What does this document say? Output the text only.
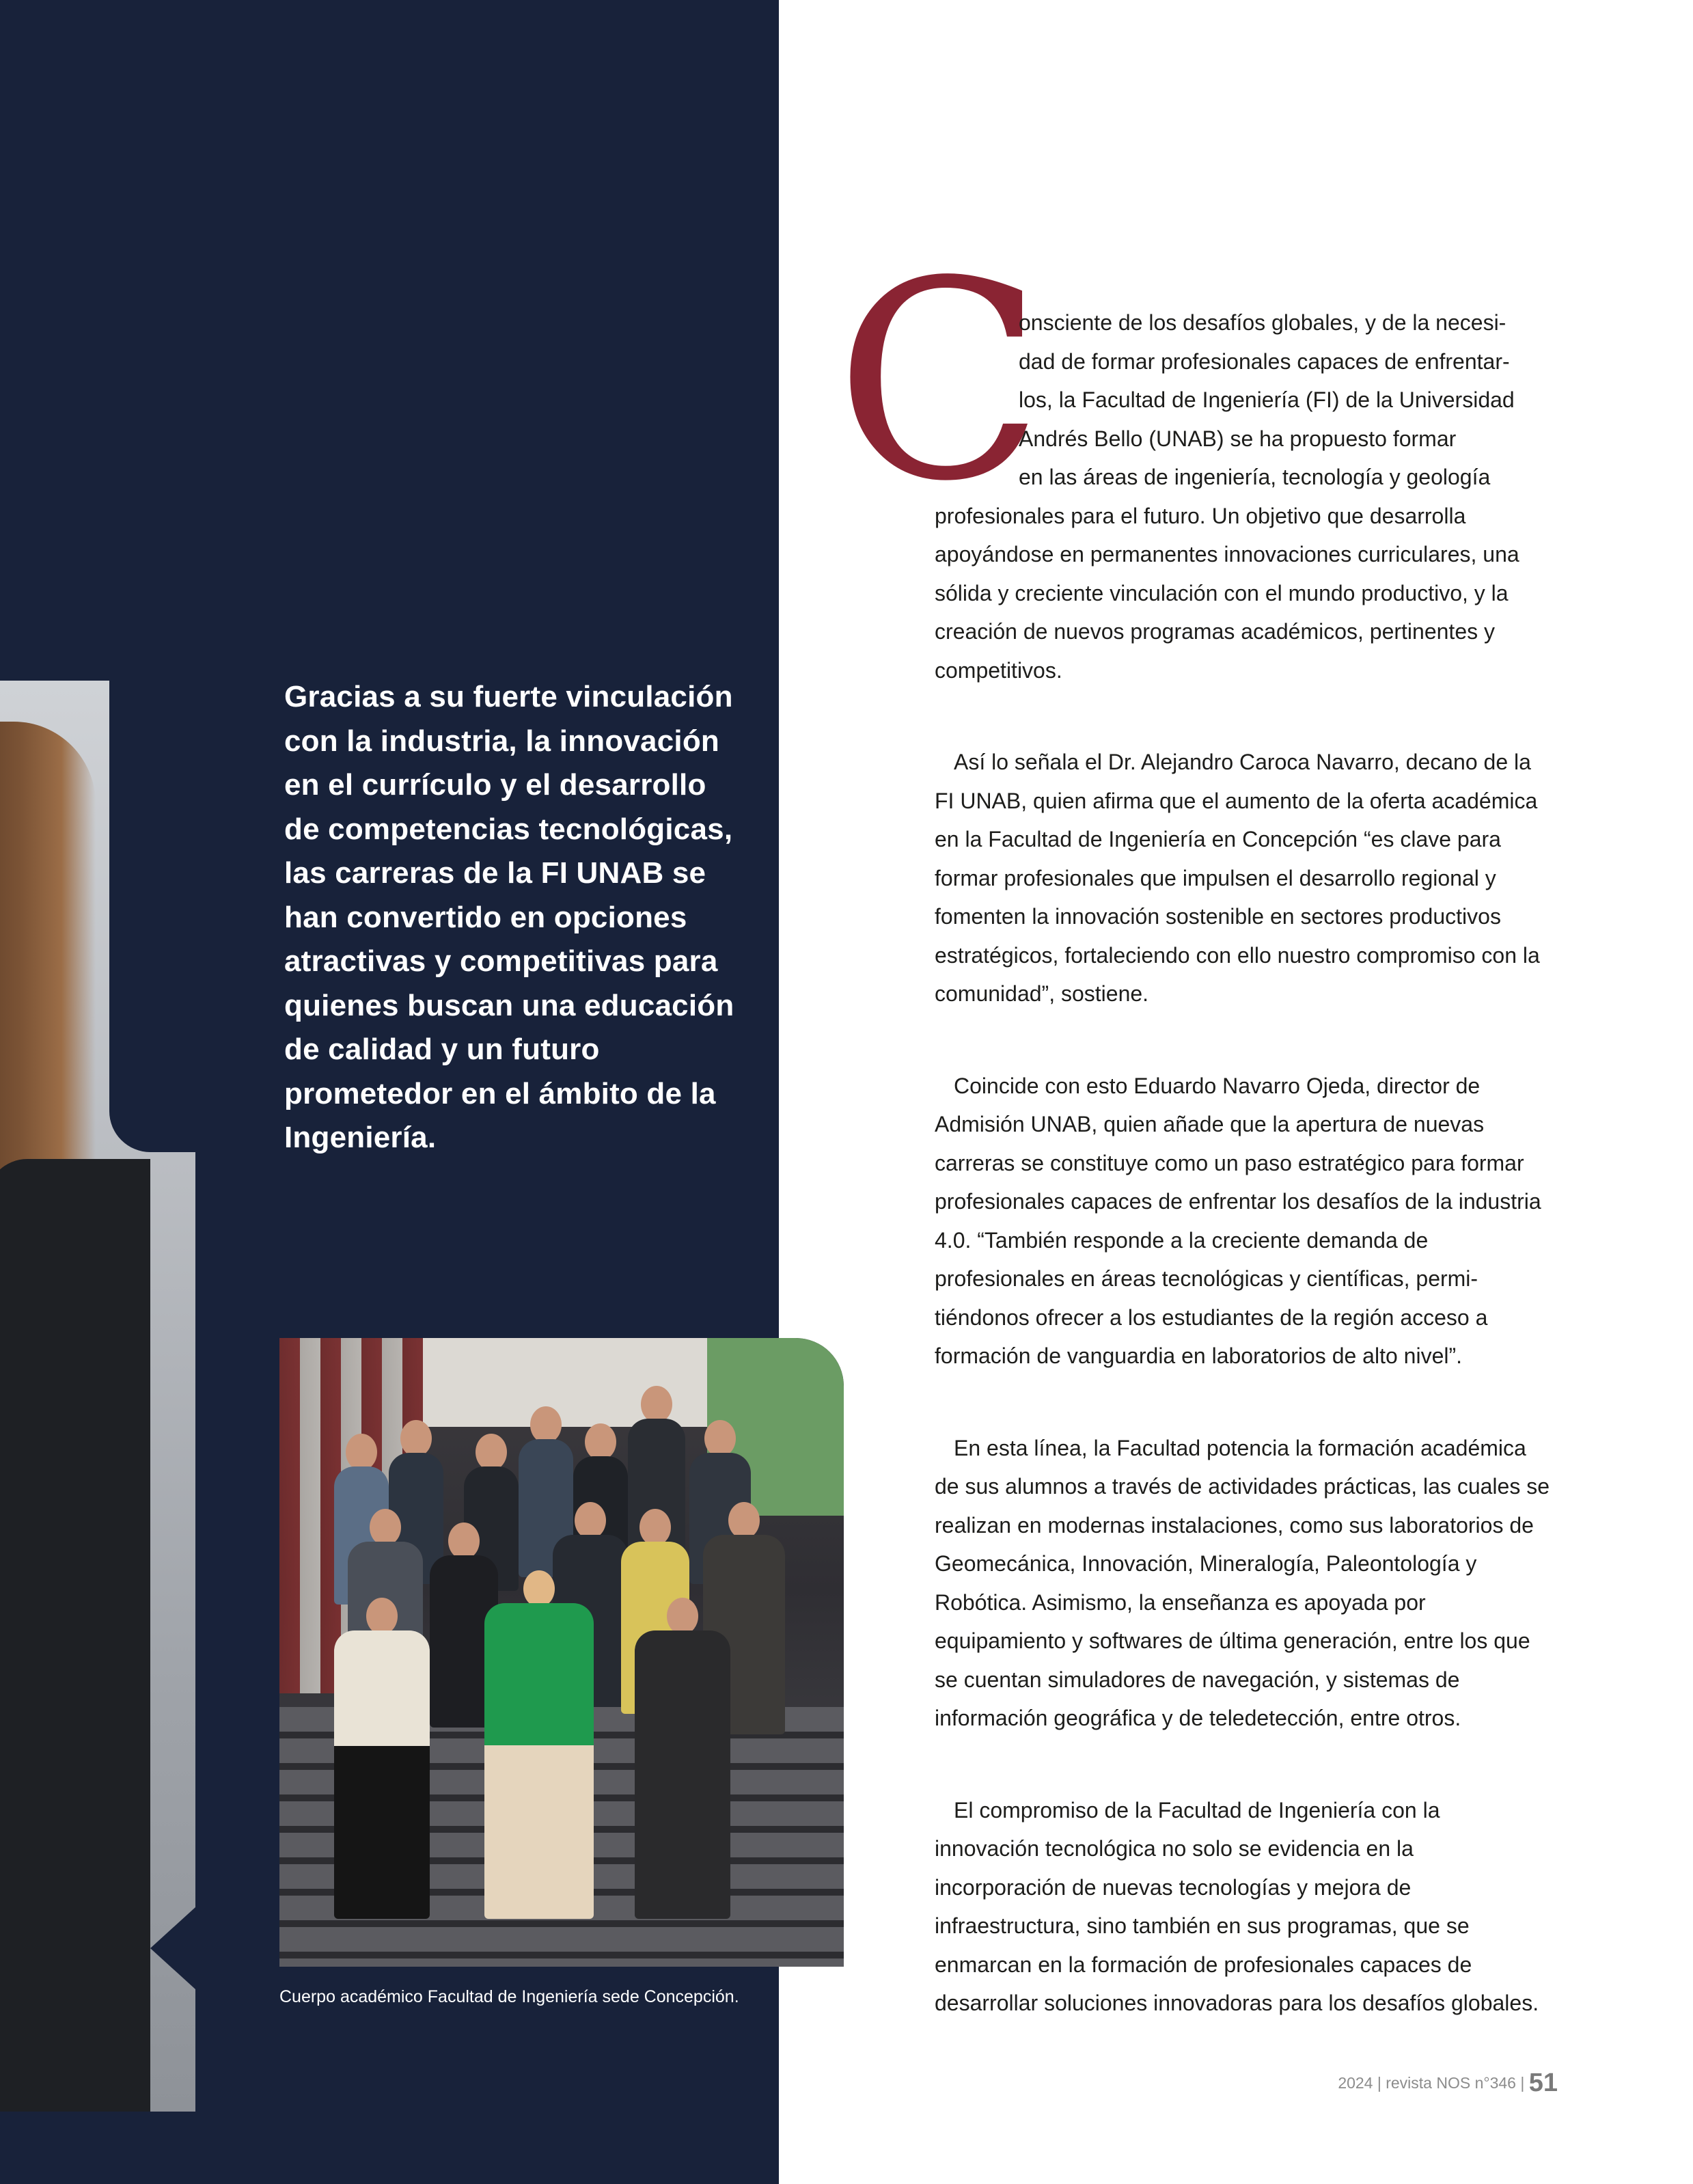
Gracias a su fuerte vinculación con la industria, la innovación en el currículo y el desarrollo de competencias tecnológicas, las carreras de la FI UNAB se han convertido en opciones atractivas y competitivas para quienes buscan una educación de calidad y un futuro prometedor en el ámbito de la Ingeniería.

Cuerpo académico Facultad de Ingeniería sede Concepción.

C

onsciente de los desafíos globales, y de la necesi-
dad de formar profesionales capaces de enfrentar-
los, la Facultad de Ingeniería (FI) de la Universidad
Andrés Bello (UNAB) se ha propuesto formar
en las áreas de ingeniería, tecnología y geología
profesionales para el futuro. Un objetivo que desarrolla apoyándose en permanentes innovaciones curriculares, una sólida y creciente vinculación con el mundo productivo, y la creación de nuevos programas académicos, pertinentes y competitivos.

Así lo señala el Dr. Alejandro Caroca Navarro, decano de la FI UNAB, quien afirma que el aumento de la oferta académica en la Facultad de Ingeniería en Concepción “es clave para formar profesionales que impulsen el desarrollo regional y fomenten la innovación sostenible en sectores productivos estratégicos, fortaleciendo con ello nuestro compromiso con la comunidad”, sostiene.

Coincide con esto Eduardo Navarro Ojeda, director de Admisión UNAB, quien añade que la apertura de nuevas carreras se constituye como un paso estratégico para formar profesionales capaces de enfrentar los desafíos de la industria 4.0. “También responde a la creciente demanda de profesionales en áreas tecnológicas y científicas, permi-tiéndonos ofrecer a los estudiantes de la región acceso a formación de vanguardia en laboratorios de alto nivel”.

En esta línea, la Facultad potencia la formación académica de sus alumnos a través de actividades prácticas, las cuales se realizan en modernas instalaciones, como sus laboratorios de Geomecánica, Innovación, Mineralogía, Paleontología y Robótica. Asimismo, la enseñanza es apoyada por equipamiento y softwares de última generación, entre los que se cuentan simuladores de navegación, y sistemas de información geográfica y de teledetección, entre otros.

El compromiso de la Facultad de Ingeniería con la innovación tecnológica no solo se evidencia en la incorporación de nuevas tecnologías y mejora de infraestructura, sino también en sus programas, que se enmarcan en la formación de profesionales capaces de desarrollar soluciones innovadoras para los desafíos globales.

2024 | revista NOS n°346 | 51
